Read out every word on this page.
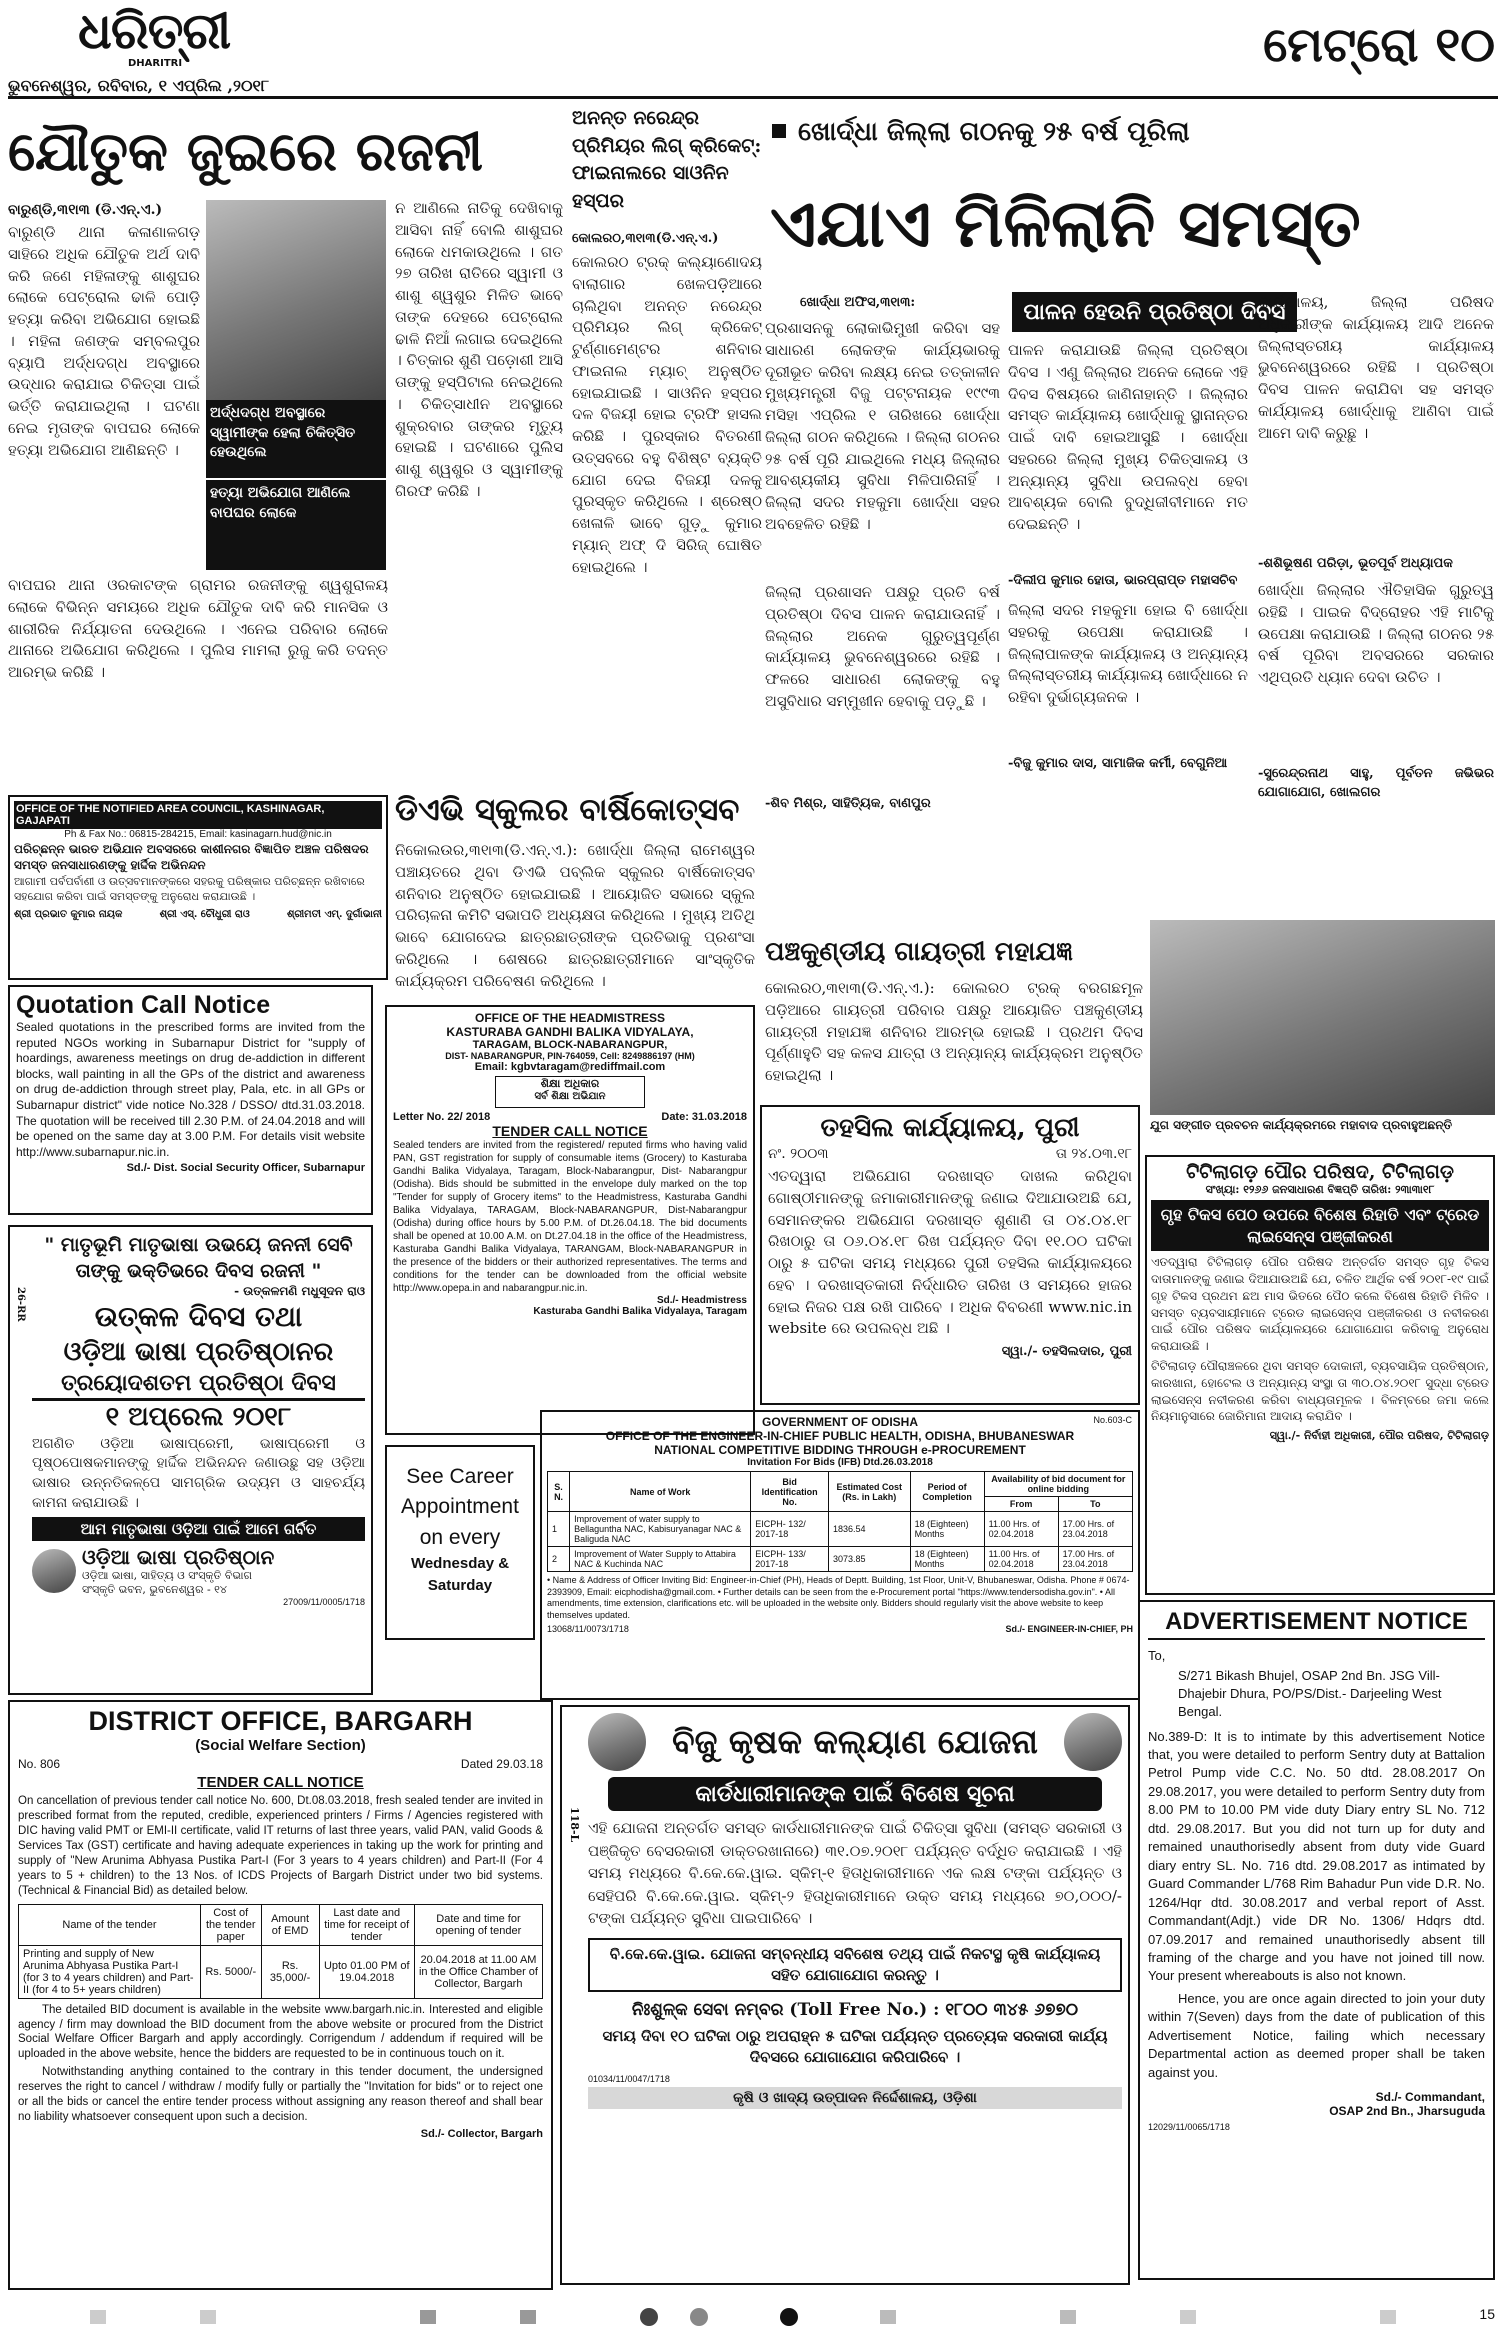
ଧରିତ୍ରୀ
DHARITRI
ଭୁବନେଶ୍ୱର, ରବିବାର, ୧ ଏପ୍ରିଲ ,୨୦୧୮
ମେଟ୍ରୋ ୧୦
ଯୌତୁକ ଜୁଇରେ ରଜନୀ
ବାରୁଣ୍ଡି,୩୧ା୩ (ଡି.ଏନ୍.ଏ.)
ବାରୁଣ୍ଡି ଥାନା କଳାଣାଳଗଡ଼ ସାହିରେ ଅଧିକ ଯୌତୁକ ଅର୍ଥ ଦାବି କରି ଜଣେ ମହିଳାଙ୍କୁ ଶାଶୁଘର ଲୋକେ ପେଟ୍ରୋଲ ଢାଳି ପୋଡ଼ି ହତ୍ୟା କରିବା ଅଭିଯୋଗ ହୋଇଛି । ମହିଳା ଜଣଙ୍କ ସମ୍ବଲପୁର ବ୍ୟାପି ଅର୍ଦ୍ଧଦଗ୍ଧ ଅବସ୍ଥାରେ ଉଦ୍ଧାର କରାଯାଇ ଚିକିତ୍ସା ପାଇଁ ଭର୍ତ୍ତି କରାଯାଇଥିଲା । ଘଟଣା ନେଇ ମୃତାଙ୍କ ବାପଘର ଲୋକେ ହତ୍ୟା ଅଭିଯୋଗ ଆଣିଛନ୍ତି ।
ବାପଘର ଥାନା ଓରକାଟଙ୍କ ଗ୍ରାମର ରଜନୀଙ୍କୁ ଶ୍ୱଶୁରାଳୟ ଲୋକେ ବିଭିନ୍ନ ସମୟରେ ଅଧିକ ଯୌତୁକ ଦାବି କରି ମାନସିକ ଓ ଶାରୀରିକ ନିର୍ଯ୍ୟାତନା ଦେଉଥିଲେ । ଏନେଇ ପରିବାର ଲୋକେ ଥାନାରେ ଅଭିଯୋଗ କରିଥିଲେ । ପୁଲିସ ମାମଲା ରୁଜୁ କରି ତଦନ୍ତ ଆରମ୍ଭ କରିଛି ।
ଅର୍ଦ୍ଧଦଗ୍ଧ ଅବସ୍ଥାରେ ସ୍ୱାମୀଙ୍କ ହେଲା ଚିକିତ୍ସିତ ହେଉଥିଲେ
ହତ୍ୟା ଅଭିଯୋଗ ଆଣିଲେ ବାପଘର ଲୋକେ
ନ ଆଣିଲେ ନାତିକୁ ଦେଖିବାକୁ ଆସିବା ନାହିଁ ବୋଲି ଶାଶୁଘର ଲୋକେ ଧମକାଉଥିଲେ । ଗତ ୨୭ ତାରିଖ ରାତିରେ ସ୍ୱାମୀ ଓ ଶାଶୁ ଶ୍ୱଶୁର ମିଳିତ ଭାବେ ତାଙ୍କ ଦେହରେ ପେଟ୍ରୋଲ ଢାଳି ନିଆଁ ଲଗାଇ ଦେଇଥିଲେ । ଚିତ୍କାର ଶୁଣି ପଡ଼ୋଶୀ ଆସି ତାଙ୍କୁ ହସ୍ପିଟାଲ ନେଇଥିଲେ । ଚିକିତ୍ସାଧୀନ ଅବସ୍ଥାରେ ଶୁକ୍ରବାର ତାଙ୍କର ମୃତ୍ୟୁ ହୋଇଛି । ଘଟଣାରେ ପୁଲିସ ଶାଶୁ ଶ୍ୱଶୁର ଓ ସ୍ୱାମୀଙ୍କୁ ଗିରଫ କରିଛି ।
ଅନନ୍ତ ନରେନ୍ଦ୍ର ପ୍ରିମିୟର ଲିଗ୍ କ୍ରିକେଟ୍: ଫାଇନାଲରେ ସାଓନିନ ହସ୍ପର
କୋଲରଠ,୩୧ା୩(ଡି.ଏନ୍.ଏ.)
କୋଲରଠ ଟ୍ରକ୍ କଲ୍ୟାଣୋଦୟ ବାଲାଗାର ଖେଳପଡ଼ିଆରେ ଚାଲିଥିବା ଅନନ୍ତ ନରେନ୍ଦ୍ର ପ୍ରିମିୟର ଲିଗ୍ କ୍ରିକେଟ୍ ଟୁର୍ଣ୍ଣାମେଣ୍ଟର ଶନିବାର ଫାଇନାଲ ମ୍ୟାଚ୍ ଅନୁଷ୍ଠିତ ହୋଇଯାଇଛି । ସାଓନିନ ହସ୍ପର ଦଳ ବିଜୟୀ ହୋଇ ଟ୍ରଫି ହାସଲ କରିଛି । ପୁରସ୍କାର ବିତରଣୀ ଉତ୍ସବରେ ବହୁ ବିଶିଷ୍ଟ ବ୍ୟକ୍ତି ଯୋଗ ଦେଇ ବିଜୟୀ ଦଳକୁ ପୁରସ୍କୃତ କରିଥିଲେ । ଶ୍ରେଷ୍ଠ ଖେଳାଳି ଭାବେ ଗୁଡ଼ୁ କୁମାର ମ୍ୟାନ୍ ଅଫ୍ ଦି ସିରିଜ୍ ଘୋଷିତ ହୋଇଥିଲେ ।
ଖୋର୍ଦ୍ଧା ଜିଲ୍ଲା ଗଠନକୁ ୨୫ ବର୍ଷ ପୂରିଲା
ଏଯାଏ ମିଳିଲାନି ସମସ୍ତ
ଖୋର୍ଦ୍ଧା ଅଫିସ,୩୧ା୩:	ପାଳନ ହେଉନି ପ୍ରତିଷ୍ଠା ଦିବସ
ପ୍ରଶାସନକୁ ଲୋକାଭିମୁଖୀ କରିବା ସହ ସାଧାରଣ ଲୋକଙ୍କ କାର୍ଯ୍ୟଭାରକୁ ଦୂରୀଭୂତ କରିବା ଲକ୍ଷ୍ୟ ନେଇ ତତ୍କାଳୀନ ମୁଖ୍ୟମନ୍ତ୍ରୀ ବିଜୁ ପଟ୍ଟନାୟକ ୧୯୯୩ ମସିହା ଏପ୍ରିଲ ୧ ତାରିଖରେ ଖୋର୍ଦ୍ଧା ଜିଲ୍ଲା ଗଠନ କରିଥିଲେ । ଜିଲ୍ଲା ଗଠନର ୨୫ ବର୍ଷ ପୂରି ଯାଇଥିଲେ ମଧ୍ୟ ଜିଲ୍ଲାର ଆବଶ୍ୟକୀୟ ସୁବିଧା ମିଳିପାରିନାହିଁ । ଜିଲ୍ଲା ସଦର ମହକୁମା ଖୋର୍ଦ୍ଧା ସହର ଅବହେଳିତ ରହିଛି ।
ଜିଲ୍ଲା ପ୍ରଶାସନ ପକ୍ଷରୁ ପ୍ରତି ବର୍ଷ ପ୍ରତିଷ୍ଠା ଦିବସ ପାଳନ କରାଯାଉନାହିଁ । ଜିଲ୍ଲାର ଅନେକ ଗୁରୁତ୍ୱପୂର୍ଣ୍ଣ କାର୍ଯ୍ୟାଳୟ ଭୁବନେଶ୍ୱରରେ ରହିଛି । ଫଳରେ ସାଧାରଣ ଲୋକଙ୍କୁ ବହୁ ଅସୁବିଧାର ସମ୍ମୁଖୀନ ହେବାକୁ ପଡ଼ୁଛି ।
ପାଳନ କରାଯାଉଛି ଜିଲ୍ଲା ପ୍ରତିଷ୍ଠା ଦିବସ । ଏଣୁ ଜିଲ୍ଲାର ଅନେକ ଲୋକେ ଏହି ଦିବସ ବିଷୟରେ ଜାଣିନାହାନ୍ତି । ଜିଲ୍ଲାର ସମସ୍ତ କାର୍ଯ୍ୟାଳୟ ଖୋର୍ଦ୍ଧାକୁ ସ୍ଥାନାନ୍ତର ପାଇଁ ଦାବି ହୋଇଆସୁଛି । ଖୋର୍ଦ୍ଧା ସହରରେ ଜିଲ୍ଲା ମୁଖ୍ୟ ଚିକିତ୍ସାଳୟ ଓ ଅନ୍ୟାନ୍ୟ ସୁବିଧା ଉପଲବ୍ଧ ହେବା ଆବଶ୍ୟକ ବୋଲି ବୁଦ୍ଧିଜୀବୀମାନେ ମତ ଦେଇଛନ୍ତି ।
-ଦିଲୀପ କୁମାର ହୋତା, ଭାରପ୍ରାପ୍ତ ମହାସଚିବ
ଜିଲ୍ଲା ସଦର ମହକୁମା ହୋଇ ବି ଖୋର୍ଦ୍ଧା ସହରକୁ ଉପେକ୍ଷା କରାଯାଉଛି । ଜିଲ୍ଲାପାଳଙ୍କ କାର୍ଯ୍ୟାଳୟ ଓ ଅନ୍ୟାନ୍ୟ ଜିଲ୍ଲାସ୍ତରୀୟ କାର୍ଯ୍ୟାଳୟ ଖୋର୍ଦ୍ଧାରେ ନ ରହିବା ଦୁର୍ଭାଗ୍ୟଜନକ ।
-ବିଜୁ କୁମାର ଦାସ, ସାମାଜିକ କର୍ମୀ, ବେଗୁନିଆ
-ଶିବ ମିଶ୍ର, ସାହିତ୍ୟିକ, ବାଣପୁର
କାର୍ଯ୍ୟାଳୟ, ଜିଲ୍ଲା ପରିଷଦ ଅଧିକାରୀଙ୍କ କାର୍ଯ୍ୟାଳୟ ଆଦି ଅନେକ ଜିଲ୍ଲାସ୍ତରୀୟ କାର୍ଯ୍ୟାଳୟ ଭୁବନେଶ୍ୱରରେ ରହିଛି । ପ୍ରତିଷ୍ଠା ଦିବସ ପାଳନ କରାଯିବା ସହ ସମସ୍ତ କାର୍ଯ୍ୟାଳୟ ଖୋର୍ଦ୍ଧାକୁ ଆଣିବା ପାଇଁ ଆମେ ଦାବି କରୁଛୁ ।
-ଶଶିଭୂଷଣ ପରିଡ଼ା, ଭୂତପୂର୍ବ ଅଧ୍ୟାପକ
ଖୋର୍ଦ୍ଧା ଜିଲ୍ଲାର ଐତିହାସିକ ଗୁରୁତ୍ୱ ରହିଛି । ପାଇକ ବିଦ୍ରୋହର ଏହି ମାଟିକୁ ଉପେକ୍ଷା କରାଯାଉଛି । ଜିଲ୍ଲା ଗଠନର ୨୫ ବର୍ଷ ପୂରିବା ଅବସରରେ ସରକାର ଏଥିପ୍ରତି ଧ୍ୟାନ ଦେବା ଉଚିତ ।
-ସୁରେନ୍ଦ୍ରନାଥ ସାହୁ, ପୂର୍ବତନ ଜଭିଭର ଯୋଗାଯୋଗ, ଖୋଲଗର
OFFICE OF THE NOTIFIED AREA COUNCIL, KASHINAGAR, GAJAPATI
Ph & Fax No.: 06815-284215, Email: kasinagarn.hud@nic.in
ପରିଚ୍ଛନ୍ନ ଭାରତ ଅଭିଯାନ ଅବସରରେ କାଶୀନଗର ବିଜ୍ଞାପିତ ଅଞ୍ଚଳ ପରିଷଦର ସମସ୍ତ ଜନସାଧାରଣଙ୍କୁ ହାର୍ଦ୍ଦିକ ଅଭିନନ୍ଦନ
ଆଗାମୀ ପର୍ବପର୍ବାଣୀ ଓ ଉତ୍ସବମାନଙ୍କରେ ସହରକୁ ପରିଷ୍କାର ପରିଚ୍ଛନ୍ନ ରଖିବାରେ ସହଯୋଗ କରିବା ପାଇଁ ସମସ୍ତଙ୍କୁ ଅନୁରୋଧ କରାଯାଉଛି ।
ଶ୍ରୀ ପ୍ରଭାତ କୁମାର ନାୟକ	ଶ୍ରୀ ଏସ୍. ଚୌଧୁରୀ ରାଓ	ଶ୍ରୀମତୀ ଏମ୍. ଦୁର୍ଗାଭାନୀ
ଡିଏଭି ସ୍କୁଲର ବାର୍ଷିକୋତ୍ସବ
ନିକୋଲଉର,୩୧ା୩(ଡି.ଏନ୍.ଏ.): ଖୋର୍ଦ୍ଧା ଜିଲ୍ଲା ରାମେଶ୍ୱର ପଞ୍ଚାୟତରେ ଥିବା ଡିଏଭି ପବ୍ଲିକ ସ୍କୁଲର ବାର୍ଷିକୋତ୍ସବ ଶନିବାର ଅନୁଷ୍ଠିତ ହୋଇଯାଇଛି । ଆୟୋଜିତ ସଭାରେ ସ୍କୁଲ ପରିଚାଳନା କମିଟି ସଭାପତି ଅଧ୍ୟକ୍ଷତା କରିଥିଲେ । ମୁଖ୍ୟ ଅତିଥି ଭାବେ ଯୋଗଦେଇ ଛାତ୍ରଛାତ୍ରୀଙ୍କ ପ୍ରତିଭାକୁ ପ୍ରଶଂସା କରିଥିଲେ । ଶେଷରେ ଛାତ୍ରଛାତ୍ରୀମାନେ ସାଂସ୍କୃତିକ କାର୍ଯ୍ୟକ୍ରମ ପରିବେଷଣ କରିଥିଲେ ।
ପଞ୍ଚକୁଣ୍ଡୀୟ ଗାୟତ୍ରୀ ମହାଯଜ୍ଞ
କୋଲରଠ,୩୧ା୩(ଡି.ଏନ୍.ଏ.): କୋଲରଠ ଟ୍ରକ୍ ବରଗଛମୂଳ ପଡ଼ିଆରେ ଗାୟତ୍ରୀ ପରିବାର ପକ୍ଷରୁ ଆୟୋଜିତ ପଞ୍ଚକୁଣ୍ଡୀୟ ଗାୟତ୍ରୀ ମହାଯଜ୍ଞ ଶନିବାର ଆରମ୍ଭ ହୋଇଛି । ପ୍ରଥମ ଦିବସ ପୂର୍ଣ୍ଣାହୁତି ସହ କଳସ ଯାତ୍ରା ଓ ଅନ୍ୟାନ୍ୟ କାର୍ଯ୍ୟକ୍ରମ ଅନୁଷ୍ଠିତ ହୋଇଥିଲା ।
ଯୁଗ ସଙ୍ଗୀତ ପ୍ରବଚନ କାର୍ଯ୍ୟକ୍ରମରେ ମହାବାଦ ପ୍ରବାହୁଅଛନ୍ତି
Quotation Call Notice
Sealed quotations in the prescribed forms are invited from the reputed NGOs working in Subarnapur District for "supply of hoardings, awareness meetings on drug de-addiction in different blocks, wall painting in all the GPs of the district and awareness on drug de-addiction through street play, Pala, etc. in all GPs or Subarnapur district" vide notice No.328 / DSSO/ dtd.31.03.2018. The quotation will be received till 2.30 P.M. of 24.04.2018 and will be opened on the same day at 3.00 P.M. For details visit website http://www.subarnapur.nic.in.
Sd./- Dist. Social Security Officer, Subarnapur
OFFICE OF THE HEADMISTRESS
KASTURABA GANDHI BALIKA VIDYALAYA,
TARAGAM, BLOCK-NABARANGPUR,
DIST- NABARANGPUR, PIN-764059, Cell: 8249886197 (HM)
Email: kgbvtaragam@rediffmail.com
ଶିକ୍ଷା ଅଧିକାର
ସର୍ବ ଶିକ୍ଷା ଅଭିଯାନ
Letter No. 22/ 2018	Date: 31.03.2018
TENDER CALL NOTICE
Sealed tenders are invited from the registered/ reputed firms who having valid PAN, GST registration for supply of consumable items (Grocery) to Kasturaba Gandhi Balika Vidyalaya, Taragam, Block-Nabarangpur, Dist- Nabarangpur (Odisha). Bids should be submitted in the envelope duly marked on the top "Tender for supply of Grocery items" to the Headmistress, Kasturaba Gandhi Balika Vidyalaya, TARAGAM, Block-NABARANGPUR, Dist-Nabarangpur (Odisha) during office hours by 5.00 P.M. of Dt.26.04.18. The bid documents shall be opened at 10.00 A.M. on Dt.27.04.18 in the office of the Headmistress, Kasturaba Gandhi Balika Vidyalaya, TARANGAM, Block-NABARANGPUR in the presence of the bidders or their authorized representatives. The terms and conditions for the tender can be downloaded from the official website http://www.opepa.in and nabarangpur.nic.in.
Sd./- Headmistress
Kasturaba Gandhi Balika Vidyalaya, Taragam
ତହସିଲ କାର୍ଯ୍ୟାଳୟ, ପୁରୀ
ନଂ. ୨୦୦୩	ତା ୨୪.୦୩.୧୮
ଏତଦ୍ୱାରା ଅଭିଯୋଗ ଦରଖାସ୍ତ ଦାଖଲ କରିଥିବା ଗୋଷ୍ଠୀମାନଙ୍କୁ ଜମାକାରୀମାନଙ୍କୁ ଜଣାଇ ଦିଆଯାଉଅଛି ଯେ, ସେମାନଙ୍କର ଅଭିଯୋଗ ଦରଖାସ୍ତ ଶୁଣାଣି ତା ୦୪.୦୪.୧୮ ରିଖଠାରୁ ତା ୦୬.୦୪.୧୮ ରିଖ ପର୍ଯ୍ୟନ୍ତ ଦିବା ୧୧.୦୦ ଘଟିକା ଠାରୁ ୫ ଘଟିକା ସମୟ ମଧ୍ୟରେ ପୁରୀ ତହସିଲ କାର୍ଯ୍ୟାଳୟରେ ହେବ । ଦରଖାସ୍ତକାରୀ ନିର୍ଦ୍ଧାରିତ ତାରିଖ ଓ ସମୟରେ ହାଜର ହୋଇ ନିଜର ପକ୍ଷ ରଖି ପାରିବେ । ଅଧିକ ବିବରଣୀ www.nic.in website ରେ ଉପଲବ୍ଧ ଅଛି ।
ସ୍ୱା./- ତହସିଲଦାର, ପୁରୀ
ଟିଟିଲାଗଡ଼ ପୌର ପରିଷଦ, ଟିଟିଲାଗଡ଼
ସଂଖ୍ୟା: ୧୨୬୬ ଜନସାଧାରଣ ବିଜ୍ଞପ୍ତି ତାରିଖ: ୨୩ା୩ା୧୮
ଗୃହ ଟିକସ ପେଠ ଉପରେ ବିଶେଷ ରିହାତି ଏବଂ ଟ୍ରେଡ ଲାଇସେନ୍ସ ପଞ୍ଜୀକରଣ
ଏତଦ୍ୱାରା ଟିଟିଲାଗଡ଼ ପୌର ପରିଷଦ ଅନ୍ତର୍ଗତ ସମସ୍ତ ଗୃହ ଟିକସ ଦାତାମାନଙ୍କୁ ଜଣାଇ ଦିଆଯାଉଅଛି ଯେ, ଚଳିତ ଆର୍ଥିକ ବର୍ଷ ୨୦୧୮-୧୯ ପାଇଁ ଗୃହ ଟିକସ ପ୍ରଥମ ଛଅ ମାସ ଭିତରେ ପୈଠ କଲେ ବିଶେଷ ରିହାତି ମିଳିବ । ସମସ୍ତ ବ୍ୟବସାୟୀମାନେ ଟ୍ରେଡ ଲାଇସେନ୍ସ ପଞ୍ଜୀକରଣ ଓ ନବୀକରଣ ପାଇଁ ପୌର ପରିଷଦ କାର୍ଯ୍ୟାଳୟରେ ଯୋଗାଯୋଗ କରିବାକୁ ଅନୁରୋଧ କରାଯାଉଛି ।
ଟିଟିଲାଗଡ଼ ପୌରାଞ୍ଚଳରେ ଥିବା ସମସ୍ତ ଦୋକାନୀ, ବ୍ୟବସାୟିକ ପ୍ରତିଷ୍ଠାନ, କାରଖାନା, ହୋଟେଲ ଓ ଅନ୍ୟାନ୍ୟ ସଂସ୍ଥା ତା ୩୦.୦୪.୨୦୧୮ ସୁଦ୍ଧା ଟ୍ରେଡ ଲାଇସେନ୍ସ ନବୀକରଣ କରିବା ବାଧ୍ୟତାମୂଳକ । ବିଳମ୍ବରେ ଜମା କଲେ ନିୟମାନୁସାରେ ଜୋରିମାନା ଆଦାୟ କରାଯିବ ।
ସ୍ୱା./- ନିର୍ବାହୀ ଅଧିକାରୀ, ପୌର ପରିଷଦ, ଟିଟିଲାଗଡ଼
26-RR
" ମାତୃଭୂମି ମାତୃଭାଷା ଉଭୟେ ଜନନୀ ସେବି ତାଙ୍କୁ ଭକ୍ତିଭରେ ଦିବସ ରଜନୀ "
- ଉତ୍କଳମଣି ମଧୁସୂଦନ ରାଓ
ଉତ୍କଳ ଦିବସ ତଥା
ଓଡ଼ିଆ ଭାଷା ପ୍ରତିଷ୍ଠାନର
ତ୍ରୟୋଦଶତମ ପ୍ରତିଷ୍ଠା ଦିବସ
୧ ଅପ୍ରେଲ ୨୦୧୮
ଅଗଣିତ ଓଡ଼ିଆ ଭାଷାପ୍ରେମୀ, ଭାଷାପ୍ରେମୀ ଓ ପୃଷ୍ଠପୋଷକମାନଙ୍କୁ ହାର୍ଦ୍ଦିକ ଅଭିନନ୍ଦନ ଜଣାଉଛୁ ସହ ଓଡ଼ିଆ ଭାଷାର ଉନ୍ନତିକଳ୍ପେ ସାମଗ୍ରିକ ଉଦ୍ୟମ ଓ ସାହଚର୍ଯ୍ୟ କାମନା କରାଯାଉଛି ।
ଆମ ମାତୃଭାଷା ଓଡ଼ିଆ ପାଇଁ ଆମେ ଗର୍ବିତ
ଓଡ଼ିଆ ଭାଷା ପ୍ରତିଷ୍ଠାନ
ଓଡ଼ିଆ ଭାଷା, ସାହିତ୍ୟ ଓ ସଂସ୍କୃତି ବିଭାଗ
ସଂସ୍କୃତି ଭବନ, ଭୁବନେଶ୍ୱର - ୧୪
27009/11/0005/1718
See Career
Appointment
on every
Wednesday & Saturday
No.603-C
GOVERNMENT OF ODISHA
OFFICE OF THE ENGINEER-IN-CHIEF PUBLIC HEALTH, ODISHA, BHUBANESWAR
NATIONAL COMPETITIVE BIDDING THROUGH e-PROCUREMENT
Invitation For Bids (IFB) Dtd.26.03.2018
S. N.	Name of Work	Bid Identification No.	Estimated Cost (Rs. in Lakh)	Period of Completion	Availability of bid document for online bidding	
					From	To
1	Improvement of water supply to Bellaguntha NAC, Kabisuryanagar NAC & Baliguda NAC	EICPH- 132/ 2017-18	1836.54	18 (Eighteen) Months	11.00 Hrs. of 02.04.2018	17.00 Hrs. of 23.04.2018
2	Improvement of Water Supply to Attabira NAC & Kuchinda NAC	EICPH- 133/ 2017-18	3073.85	18 (Eighteen) Months	11.00 Hrs. of 02.04.2018	17.00 Hrs. of 23.04.2018
• Name & Address of Officer Inviting Bid: Engineer-in-Chief (PH), Heads of Deptt. Building, 1st Floor, Unit-V, Bhubaneswar, Odisha. Phone # 0674-2393909, Email: eicphodisha@gmail.com. • Further details can be seen from the e-Procurement portal "https://www.tendersodisha.gov.in". • All amendments, time extension, clarifications etc. will be uploaded in the website only. Bidders should regularly visit the above website to keep themselves updated.
13068/11/0073/1718	Sd./- ENGINEER-IN-CHIEF, PH	ADVERTISEMENT NOTICE
To,
S/271 Bikash Bhujel, OSAP 2nd Bn. JSG Vill- Dhajebir Dhura, PO/PS/Dist.- Darjeeling West Bengal.
No.389-D: It is to intimate by this advertisement Notice that, you were detailed to perform Sentry duty at Battalion Petrol Pump vide C.C. No. 50 dtd. 28.08.2017 On 29.08.2017, you were detailed to perform Sentry duty from 8.00 PM to 10.00 PM vide duty Diary entry SL No. 712 dtd. 29.08.2017. But you did not turn up for duty and remained unauthorisedly absent from duty vide Guard diary entry SL. No. 716 dtd. 29.08.2017 as intimated by Guard Commander L/768 Rim Bahadur Pun vide D.R. No. 1264/Hqr dtd. 30.08.2017 and verbal report of Asst. Commandant(Adjt.) vide DR No. 1306/ Hdqrs dtd. 07.09.2017 and remained unauthorisedly absent till framing of the charge and you have not joined till now. Your present whereabouts is also not known.
Hence, you are once again directed to join your duty within 7(Seven) days from the date of publication of this Advertisement Notice, failing which necessary Departmental action as deemed proper shall be taken against you.
Sd./- Commandant,
OSAP 2nd Bn., Jharsuguda
12029/11/0065/1718
DISTRICT OFFICE, BARGARH
(Social Welfare Section)
No. 806	Dated 29.03.18
TENDER CALL NOTICE
On cancellation of previous tender call notice No. 600, Dt.08.03.2018, fresh sealed tender are invited in prescribed format from the reputed, credible, experienced printers / Firms / Agencies registered with DIC having valid PMT or EMI-II certificate, valid IT returns of last three years, valid PAN, valid Goods & Services Tax (GST) certificate and having adequate experiences in taking up the work for printing and supply of "New Arunima Abhyasa Pustika Part-I (For 3 years to 4 years children) and Part-II (For 4 years to 5 + children) to the 13 Nos. of ICDS Projects of Bargarh District under two bid systems. (Technical & Financial Bid) as detailed below.
Name of the tender	Cost of the tender paper	Amount of EMD	Last date and time for receipt of tender	Date and time for opening of tender
Printing and supply of New Arunima Abhyasa Pustika Part-I (for 3 to 4 years children) and Part-II (for 4 to 5+ years children)	Rs. 5000/-	Rs. 35,000/-	Upto 01.00 PM of 19.04.2018	20.04.2018 at 11.00 AM in the Office Chamber of Collector, Bargarh
The detailed BID document is available in the website www.bargarh.nic.in. Interested and eligible agency / firm may download the BID document from the above website or procured from the District Social Welfare Officer Bargarh and apply accordingly. Corrigendum / addendum if required will be uploaded in the above website, hence the bidders are requested to be in continuous touch on it.
Notwithstanding anything contained to the contrary in this tender document, the undersigned reserves the right to cancel / withdraw / modify fully or partially the "Invitation for bids" or to reject one or all the bids or cancel the entire tender process without assigning any reason thereof and shall bear no liability whatsoever consequent upon such a decision.
Sd./- Collector, Bargarh
118-L
ବିଜୁ କୃଷକ କଲ୍ୟାଣ ଯୋଜନା
କାର୍ଡଧାରୀମାନଙ୍କ ପାଇଁ ବିଶେଷ ସୂଚନା
ଏହି ଯୋଜନା ଅନ୍ତର୍ଗତ ସମସ୍ତ କାର୍ଡଧାରୀମାନଙ୍କ ପାଇଁ ଚିକିତ୍ସା ସୁବିଧା (ସମସ୍ତ ସରକାରୀ ଓ ପଞ୍ଜିକୃତ ବେସରକାରୀ ଡାକ୍ତରଖାନାରେ) ୩୧.୦୭.୨୦୧୮ ପର୍ଯ୍ୟନ୍ତ ବର୍ଦ୍ଧିତ କରାଯାଇଛି । ଏହି ସମୟ ମଧ୍ୟରେ ବି.କେ.କେ.ୱାଇ. ସ୍କିମ୍-୧ ହିତାଧିକାରୀମାନେ ଏକ ଲକ୍ଷ ଟଙ୍କା ପର୍ଯ୍ୟନ୍ତ ଓ ସେହିପରି ବି.କେ.କେ.ୱାଇ. ସ୍କିମ୍-୨ ହିତାଧିକାରୀମାନେ ଉକ୍ତ ସମୟ ମଧ୍ୟରେ ୭୦,୦୦୦/- ଟଙ୍କା ପର୍ଯ୍ୟନ୍ତ ସୁବିଧା ପାଇପାରିବେ ।
ବି.କେ.କେ.ୱାଇ. ଯୋଜନା ସମ୍ବନ୍ଧୀୟ ସବିଶେଷ ତଥ୍ୟ ପାଇଁ ନିକଟସ୍ଥ କୃଷି କାର୍ଯ୍ୟାଳୟ ସହିତ ଯୋଗାଯୋଗ କରନ୍ତୁ ।
ନିଃଶୁଳ୍କ ସେବା ନମ୍ବର (Toll Free No.) : ୧୮୦୦ ୩୪୫ ୬୭୭୦
ସମୟ ଦିବା ୧୦ ଘଟିକା ଠାରୁ ଅପରାହ୍ନ ୫ ଘଟିକା ପର୍ଯ୍ୟନ୍ତ ପ୍ରତ୍ୟେକ ସରକାରୀ କାର୍ଯ୍ୟ ଦିବସରେ ଯୋଗାଯୋଗ କରିପାରିବେ ।
01034/11/0047/1718
କୃଷି ଓ ଖାଦ୍ୟ ଉତ୍ପାଦନ ନିର୍ଦ୍ଦେଶାଳୟ, ଓଡ଼ିଶା
15
